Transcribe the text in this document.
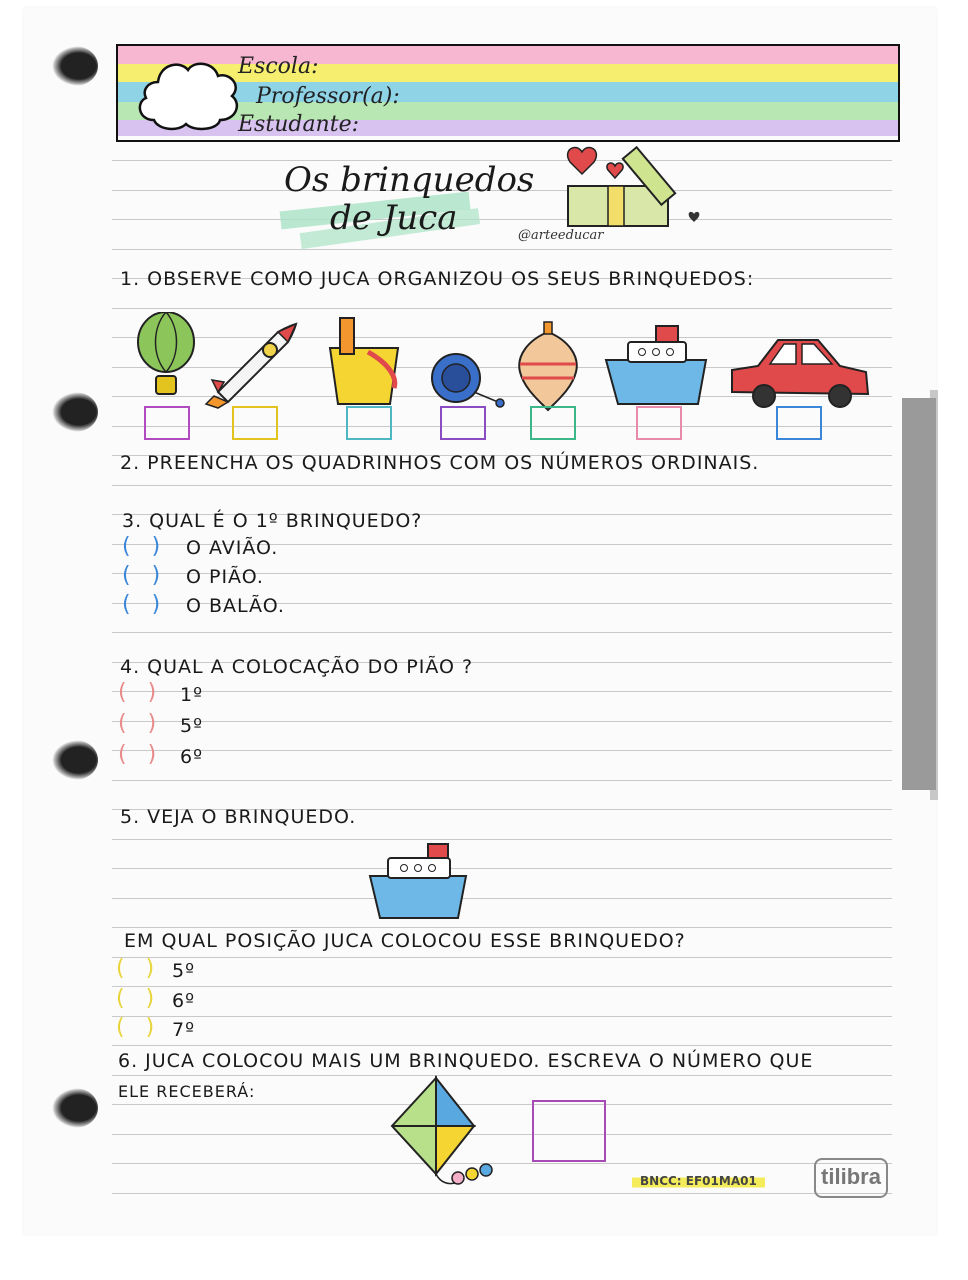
Escola:
Professor(a):
Estudante:
Os brinquedos
de Juca	@arteeducar
1. OBSERVE COMO JUCA ORGANIZOU OS SEUS BRINQUEDOS:
2. PREENCHA OS QUADRINHOS COM OS NÚMEROS ORDINAIS.
3. QUAL É O 1º BRINQUEDO?
(   ) O AVIÃO.
(   ) O PIÃO.
(   ) O BALÃO.
4. QUAL A COLOCAÇÃO DO PIÃO ?
(   ) 1º
(   ) 5º
(   ) 6º
5. VEJA O BRINQUEDO.
EM QUAL POSIÇÃO JUCA COLOCOU ESSE BRINQUEDO?
(   ) 5º
(   ) 6º
(   ) 7º
6. JUCA COLOCOU MAIS UM BRINQUEDO. ESCREVA O NÚMERO QUE
ELE RECEBERÁ:
BNCC: EF01MA01	tilibra
